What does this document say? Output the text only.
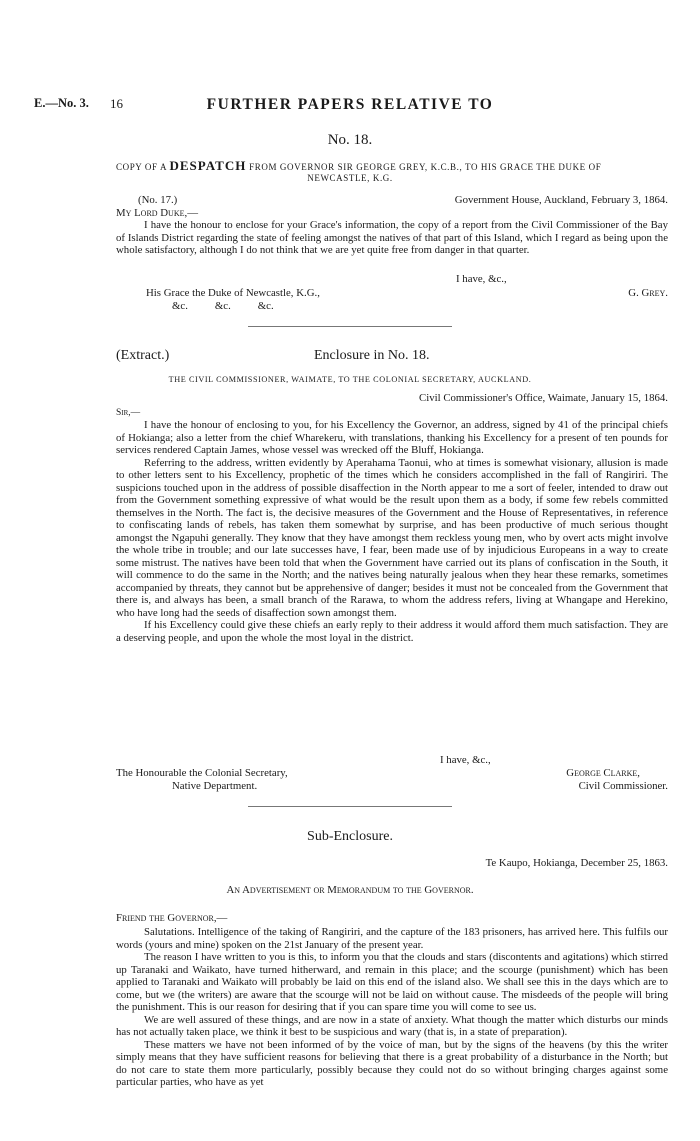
E.—No. 3. 16	FURTHER PAPERS RELATIVE TO
No. 18.
COPY OF A DESPATCH FROM GOVERNOR SIR GEORGE GREY, K.C.B., TO HIS GRACE THE DUKE OF
NEWCASTLE, K.G.
(No. 17.)	Government House, Auckland, February 3, 1864.
My Lord Duke,—

I have the honour to enclose for your Grace's information, the copy of a report from the Civil Commissioner of the Bay of Islands District regarding the state of feeling amongst the natives of that part of this Island, which I regard as being upon the whole satisfactory, although I do not think that we are yet quite free from danger in that quarter.

I have, &c.,
His Grace the Duke of Newcastle, K.G.,	G. Grey.
&c.          &c.          &c.
(Extract.)	Enclosure in No. 18.
THE CIVIL COMMISSIONER, WAIMATE, TO THE COLONIAL SECRETARY, AUCKLAND.
Civil Commissioner's Office, Waimate, January 15, 1864.
Sir,—

I have the honour of enclosing to you, for his Excellency the Governor, an address, signed by 41 of the principal chiefs of Hokianga; also a letter from the chief Wharekeru, with translations, thanking his Excellency for a present of ten pounds for services rendered Captain James, whose vessel was wrecked off the Bluff, Hokianga.

Referring to the address, written evidently by Aperahama Taonui, who at times is somewhat visionary, allusion is made to other letters sent to his Excellency, prophetic of the times which he considers accomplished in the fall of Rangiriri. The suspicions touched upon in the address of possible disaffection in the North appear to me a sort of feeler, intended to draw out from the Government something expressive of what would be the result upon them as a body, if some few rebels committed themselves in the North. The fact is, the decisive measures of the Government and the House of Representatives, in reference to confiscating lands of rebels, has taken them somewhat by surprise, and has been productive of much serious thought amongst the Ngapuhi generally. They know that they have amongst them reckless young men, who by overt acts might involve the whole tribe in trouble; and our late successes have, I fear, been made use of by injudicious Europeans in a way to create some mistrust. The natives have been told that when the Government have carried out its plans of confiscation in the South, it will commence to do the same in the North; and the natives being naturally jealous when they hear these remarks, sometimes accompanied by threats, they cannot but be apprehensive of danger; besides it must not be concealed from the Government that there is, and always has been, a small branch of the Rarawa, to whom the address refers, living at Whangape and Herekino, who have long had the seeds of disaffection sown amongst them.

If his Excellency could give these chiefs an early reply to their address it would afford them much satisfaction. They are a deserving people, and upon the whole the most loyal in the district.

I have, &c.,
The Honourable the Colonial Secretary,	George Clarke,
Native Department.	Civil Commissioner.
Sub-Enclosure.
Te Kaupo, Hokianga, December 25, 1863.
An Advertisement or Memorandum to the Governor.
Friend the Governor,—

Salutations. Intelligence of the taking of Rangiriri, and the capture of the 183 prisoners, has arrived here. This fulfils our words (yours and mine) spoken on the 21st January of the present year.

The reason I have written to you is this, to inform you that the clouds and stars (discontents and agitations) which stirred up Taranaki and Waikato, have turned hitherward, and remain in this place; and the scourge (punishment) which has been applied to Taranaki and Waikato will probably be laid on this end of the island also. We shall see this in the days which are to come, but we (the writers) are aware that the scourge will not be laid on without cause. The misdeeds of the people will bring the punishment. This is our reason for desiring that if you can spare time you will come to see us.

We are well assured of these things, and are now in a state of anxiety. What though the matter which disturbs our minds has not actually taken place, we think it best to be suspicious and wary (that is, in a state of preparation).

These matters we have not been informed of by the voice of man, but by the signs of the heavens (by this the writer simply means that they have sufficient reasons for believing that there is a great probability of a disturbance in the North; but do not care to state them more particularly, possibly because they could not do so without bringing charges against some particular parties, who have as yet
